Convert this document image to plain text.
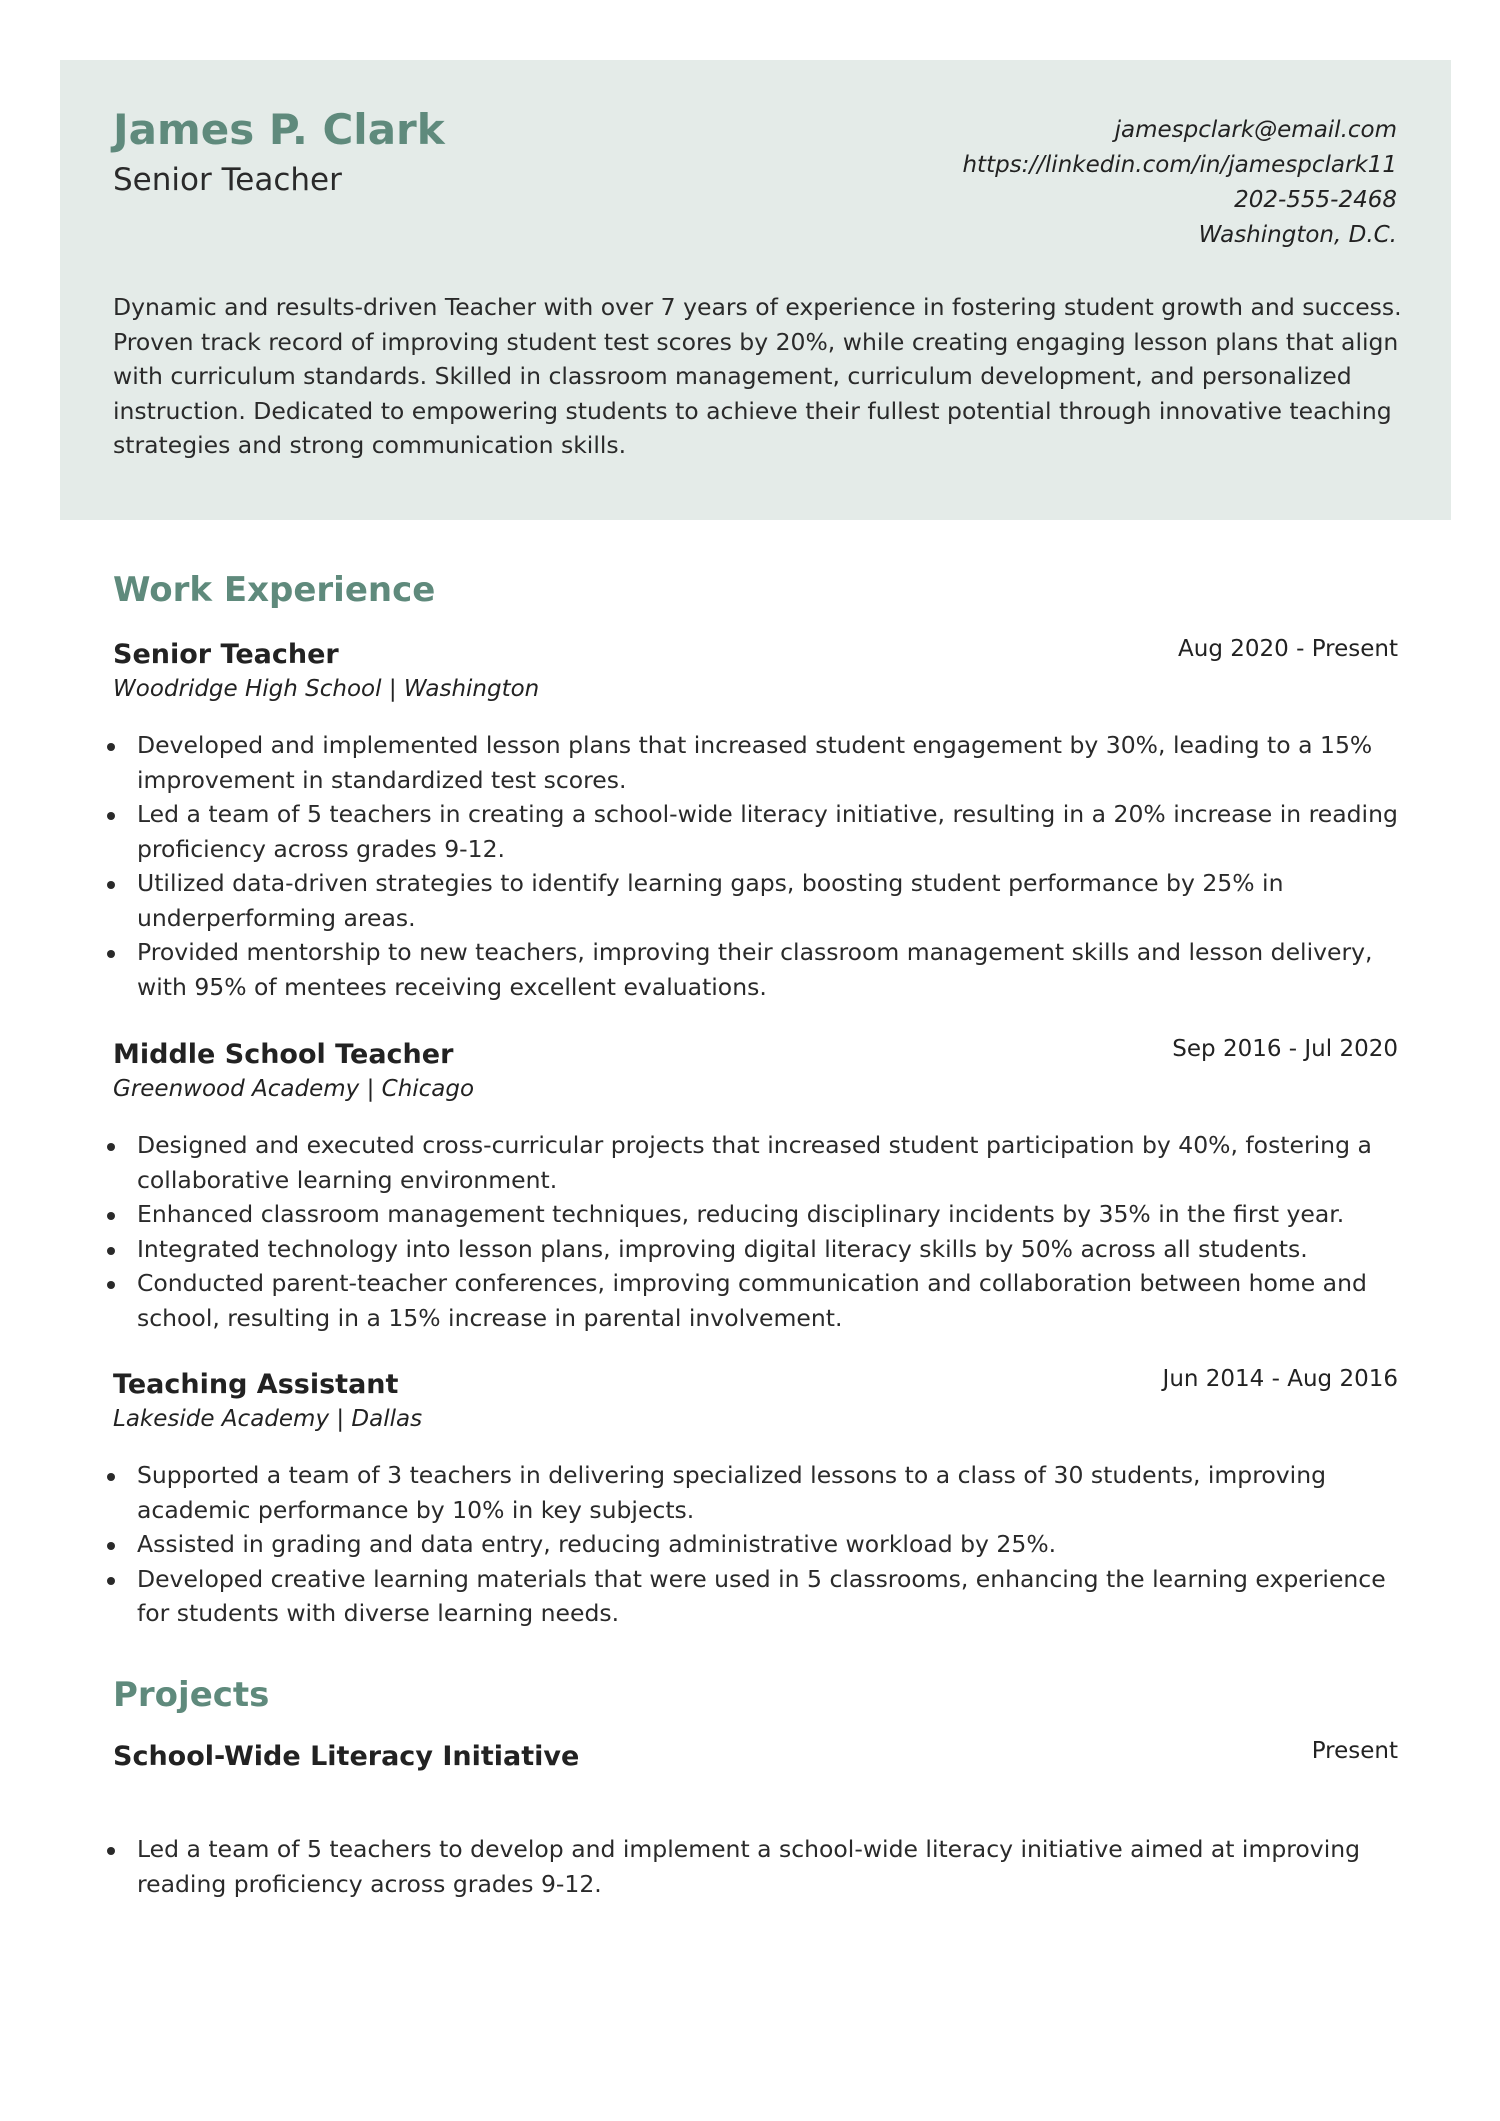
James P. Clark
Senior Teacher
jamespclark@email.com
https://linkedin.com/in/jamespclark11
202-555-2468
Washington, D.C.
Dynamic and results-driven Teacher with over 7 years of experience in fostering student growth and success. Proven track record of improving student test scores by 20%, while creating engaging lesson plans that align with curriculum standards. Skilled in classroom management, curriculum development, and personalized instruction. Dedicated to empowering students to achieve their fullest potential through innovative teaching strategies and strong communication skills.
Work Experience
Senior Teacher	Aug 2020 - Present
Woodridge High School | Washington
Developed and implemented lesson plans that increased student engagement by 30%, leading to a 15% improvement in standardized test scores.
Led a team of 5 teachers in creating a school-wide literacy initiative, resulting in a 20% increase in reading proficiency across grades 9-12.
Utilized data-driven strategies to identify learning gaps, boosting student performance by 25% in underperforming areas.
Provided mentorship to new teachers, improving their classroom management skills and lesson delivery, with 95% of mentees receiving excellent evaluations.
Middle School Teacher	Sep 2016 - Jul 2020
Greenwood Academy | Chicago
Designed and executed cross-curricular projects that increased student participation by 40%, fostering a collaborative learning environment.
Enhanced classroom management techniques, reducing disciplinary incidents by 35% in the first year.
Integrated technology into lesson plans, improving digital literacy skills by 50% across all students.
Conducted parent-teacher conferences, improving communication and collaboration between home and school, resulting in a 15% increase in parental involvement.
Teaching Assistant	Jun 2014 - Aug 2016
Lakeside Academy | Dallas
Supported a team of 3 teachers in delivering specialized lessons to a class of 30 students, improving academic performance by 10% in key subjects.
Assisted in grading and data entry, reducing administrative workload by 25%.
Developed creative learning materials that were used in 5 classrooms, enhancing the learning experience for students with diverse learning needs.
Projects
School-Wide Literacy Initiative	Present
Led a team of 5 teachers to develop and implement a school-wide literacy initiative aimed at improving reading proficiency across grades 9-12.
